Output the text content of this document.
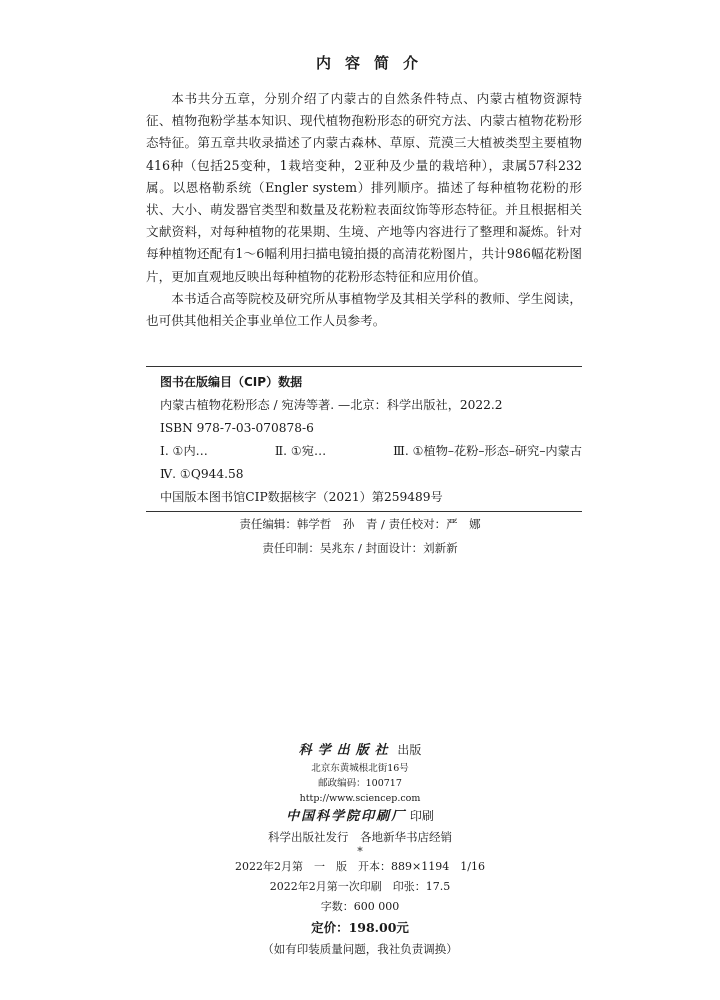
内容简介

本书共分五章，分别介绍了内蒙古的自然条件特点、内蒙古植物资源特征、植物孢粉学基本知识、现代植物孢粉形态的研究方法、内蒙古植物花粉形态特征。第五章共收录描述了内蒙古森林、草原、荒漠三大植被类型主要植物416种（包括25变种，1栽培变种，2亚种及少量的栽培种），隶属57科232属。以恩格勒系统（Engler system）排列顺序。描述了每种植物花粉的形状、大小、萌发器官类型和数量及花粉粒表面纹饰等形态特征。并且根据相关文献资料，对每种植物的花果期、生境、产地等内容进行了整理和凝炼。针对每种植物还配有1～6幅利用扫描电镜拍摄的高清花粉图片，共计986幅花粉图片，更加直观地反映出每种植物的花粉形态特征和应用价值。

本书适合高等院校及研究所从事植物学及其相关学科的教师、学生阅读，也可供其他相关企事业单位工作人员参考。

图书在版编目（CIP）数据
内蒙古植物花粉形态 / 宛涛等著. —北京：科学出版社，2022.2
ISBN 978-7-03-070878-6
Ⅰ. ①内…	Ⅱ. ①宛…	Ⅲ. ①植物–花粉–形态–研究–内蒙古
Ⅳ. ①Q944.58
中国版本图书馆CIP数据核字（2021）第259489号
责任编辑：韩学哲　孙　青 / 责任校对：严　娜
责任印制：吴兆东 / 封面设计：刘新新
科学出版社 出版
北京东黄城根北街16号
邮政编码：100717
http://www.sciencep.com
中国科学院印刷厂 印刷
科学出版社发行　各地新华书店经销
*
2022年2月第　一　版　开本：889×1194　1/16
2022年2月第一次印刷　印张：17.5
字数：600 000
定价：198.00元
（如有印装质量问题，我社负责调换）
